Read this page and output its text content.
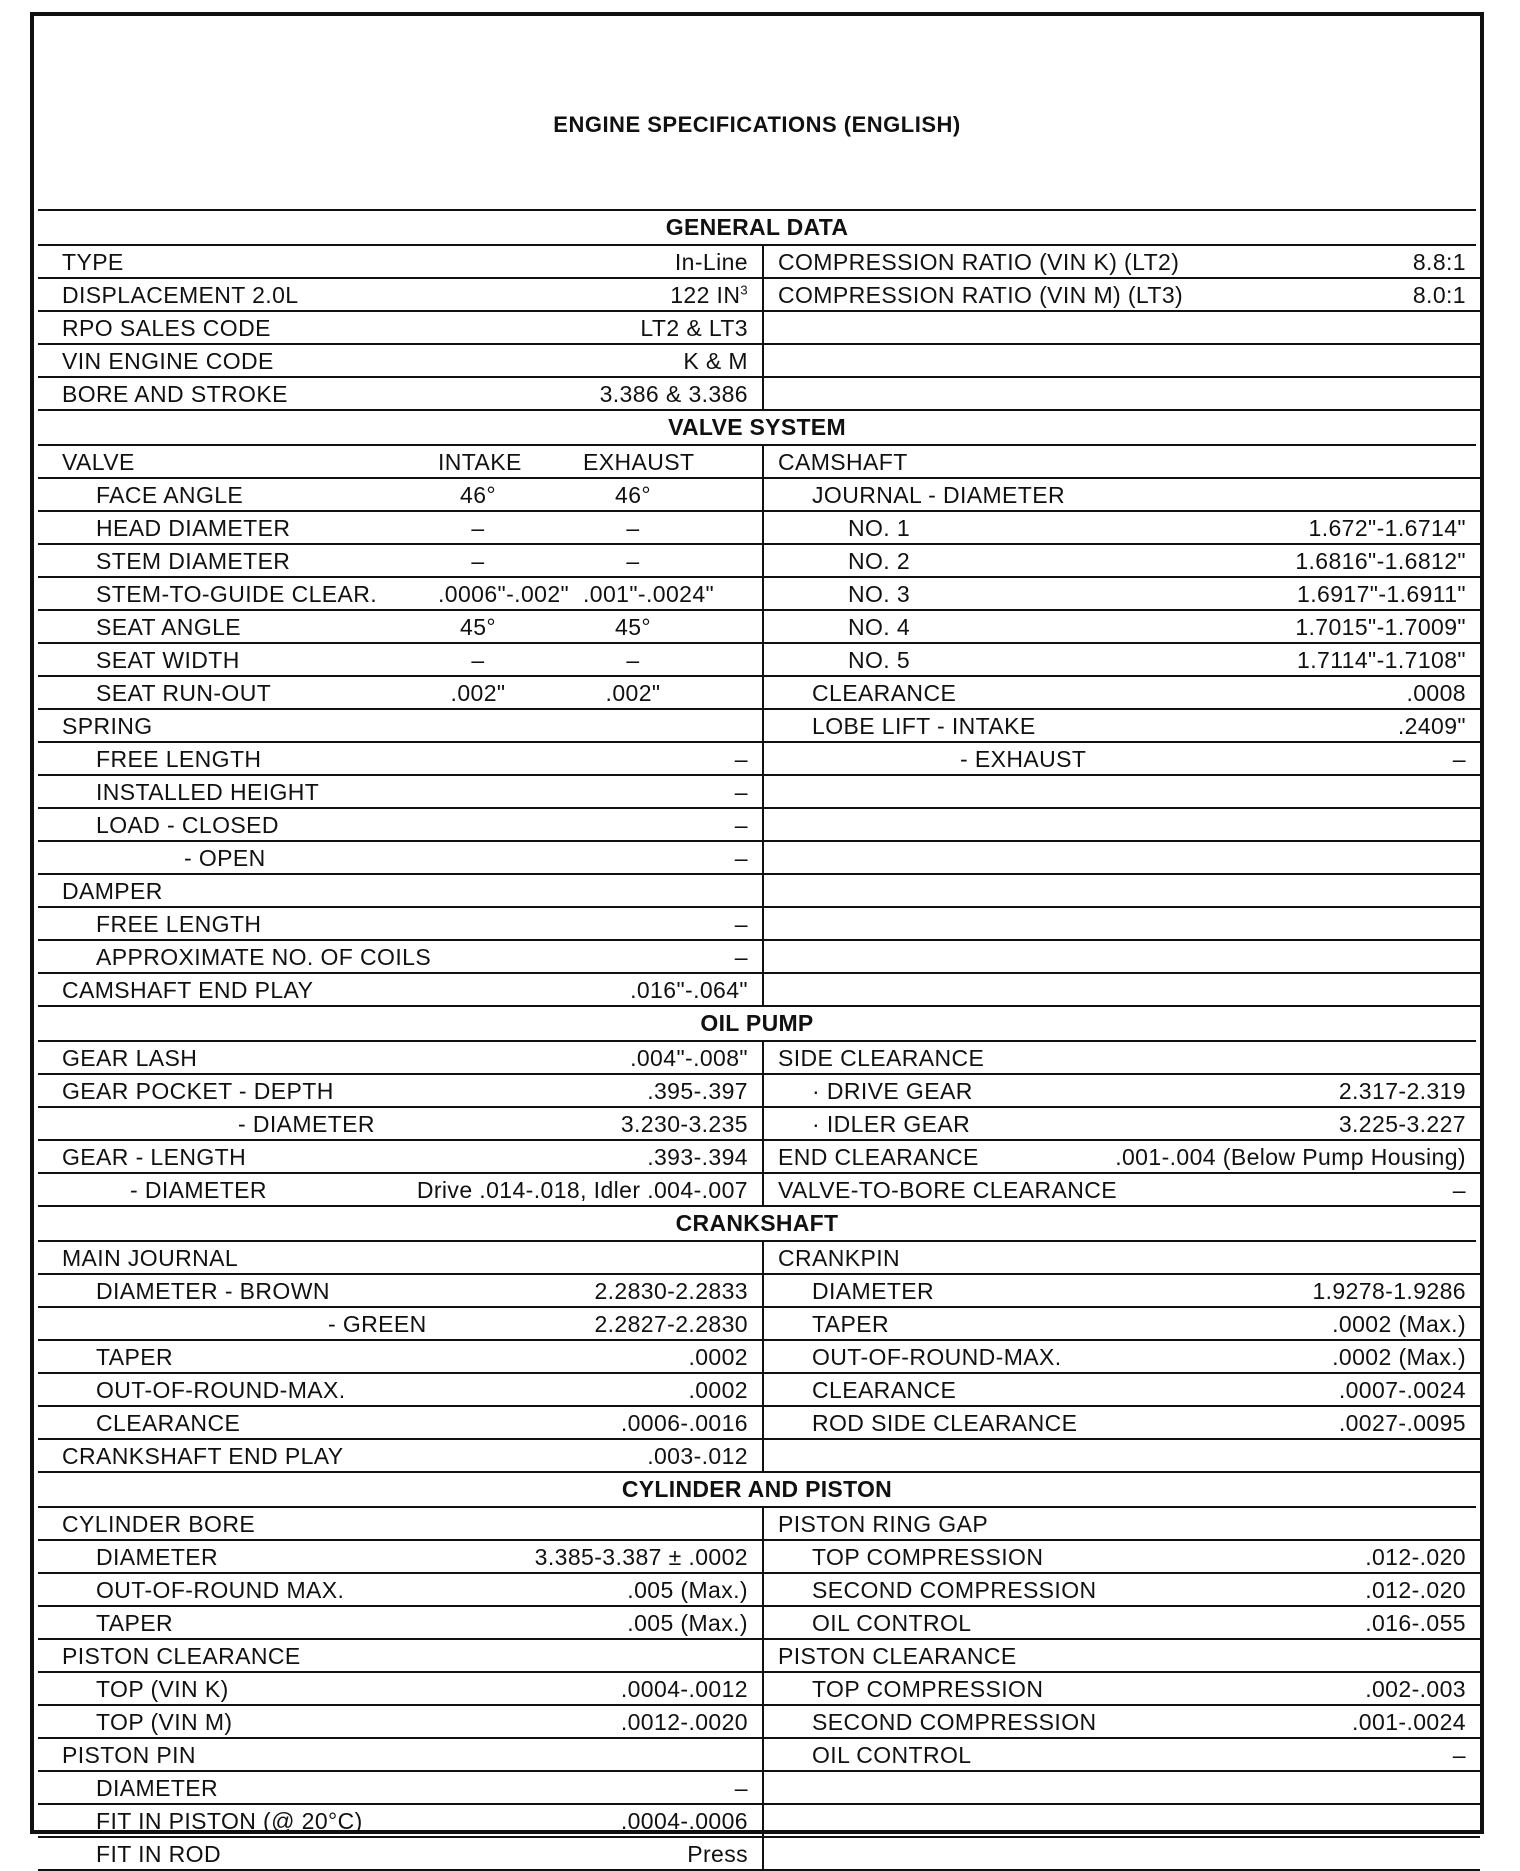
ENGINE SPECIFICATIONS (ENGLISH)
GENERAL DATA
TYPE	In-Line
DISPLACEMENT 2.0L	122 $IN^3$
RPO SALES CODE	LT2 & LT3
VIN ENGINE CODE	K & M
BORE AND STROKE	3.386 & 3.386
COMPRESSION RATIO (VIN K) (LT2)	8.8:1
COMPRESSION RATIO (VIN M) (LT3)	8.0:1
VALVE SYSTEM
VALVE	INTAKE	EXHAUST
FACE ANGLE	46°	46°
HEAD DIAMETER	–	–
STEM DIAMETER	–	–
STEM-TO-GUIDE CLEAR.	.0006"-.002" .001"-.0024"
SEAT ANGLE	45°	45°
SEAT WIDTH	–	–
SEAT RUN-OUT	.002"	.002"
SPRING
FREE LENGTH	–
INSTALLED HEIGHT	–
LOAD - CLOSED	–
- OPEN	–
DAMPER
FREE LENGTH	–
APPROXIMATE NO. OF COILS	–
CAMSHAFT END PLAY	.016"-.064"
CAMSHAFT
JOURNAL - DIAMETER
NO. 1	1.672"-1.6714"
NO. 2	1.6816"-1.6812"
NO. 3	1.6917"-1.6911"
NO. 4	1.7015"-1.7009"
NO. 5	1.7114"-1.7108"
CLEARANCE	.0008
LOBE LIFT - INTAKE	.2409"
- EXHAUST	–
OIL PUMP
GEAR LASH	.004"-.008"
GEAR POCKET - DEPTH	.395-.397
- DIAMETER	3.230-3.235
GEAR - LENGTH	.393-.394
- DIAMETER	Drive .014-.018, Idler .004-.007
SIDE CLEARANCE
· DRIVE GEAR	2.317-2.319
· IDLER GEAR	3.225-3.227
END CLEARANCE	.001-.004 (Below Pump Housing)
VALVE-TO-BORE CLEARANCE	–
CRANKSHAFT
MAIN JOURNAL
DIAMETER - BROWN	2.2830-2.2833
- GREEN	2.2827-2.2830
TAPER	.0002
OUT-OF-ROUND-MAX.	.0002
CLEARANCE	.0006-.0016
CRANKSHAFT END PLAY	.003-.012
CRANKPIN
DIAMETER	1.9278-1.9286
TAPER	.0002 (Max.)
OUT-OF-ROUND-MAX.	.0002 (Max.)
CLEARANCE	.0007-.0024
ROD SIDE CLEARANCE	.0027-.0095
CYLINDER AND PISTON
CYLINDER BORE
DIAMETER	3.385-3.387 ± .0002
OUT-OF-ROUND MAX.	.005 (Max.)
TAPER	.005 (Max.)
PISTON CLEARANCE
TOP (VIN K)	.0004-.0012
TOP (VIN M)	.0012-.0020
PISTON PIN
DIAMETER	–
FIT IN PISTON (@ 20°C)	.0004-.0006
FIT IN ROD	Press
PISTON RING GAP
TOP COMPRESSION	.012-.020
SECOND COMPRESSION	.012-.020
OIL CONTROL	.016-.055
PISTON CLEARANCE
TOP COMPRESSION	.002-.003
SECOND COMPRESSION	.001-.0024
OIL CONTROL	–
